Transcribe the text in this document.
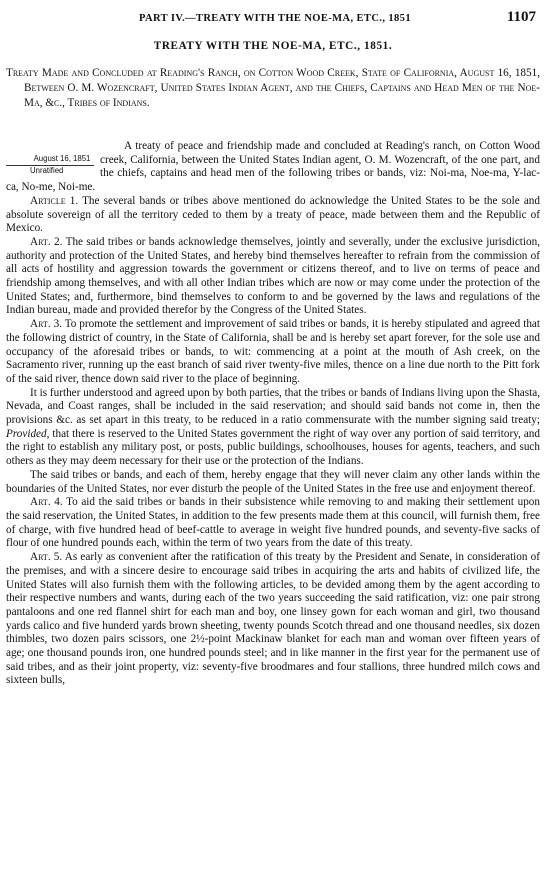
PART IV.—TREATY WITH THE NOE-MA, ETC., 1851	1107
TREATY WITH THE NOE-MA, ETC., 1851.
Treaty Made and Concluded at Reading's Ranch, on Cotton Wood Creek, State of California, August 16, 1851, Between O. M. Wozencraft, United States Indian Agent, and the Chiefs, Captains and Head Men of the Noe-Ma, &c., Tribes of Indians.

August 16, 1851
Unratified
A treaty of peace and friendship made and concluded at Reading's ranch, on Cotton Wood creek, California, between the United States Indian agent, O. M. Wozencraft, of the one part, and the chiefs, captains and head men of the following tribes or bands, viz: Noi-ma, Noe-ma, Y-lac-ca, No-me, Noi-me.

Article 1. The several bands or tribes above mentioned do acknowledge the United States to be the sole and absolute sovereign of all the territory ceded to them by a treaty of peace, made between them and the Republic of Mexico.

Art. 2. The said tribes or bands acknowledge themselves, jointly and severally, under the exclusive jurisdiction, authority and protection of the United States, and hereby bind themselves hereafter to refrain from the commission of all acts of hostility and aggression towards the government or citizens thereof, and to live on terms of peace and friendship among themselves, and with all other Indian tribes which are now or may come under the protection of the United States; and, furthermore, bind themselves to conform to and be governed by the laws and regulations of the Indian bureau, made and provided therefor by the Congress of the United States.

Art. 3. To promote the settlement and improvement of said tribes or bands, it is hereby stipulated and agreed that the following district of country, in the State of California, shall be and is hereby set apart forever, for the sole use and occupancy of the aforesaid tribes or bands, to wit: commencing at a point at the mouth of Ash creek, on the Sacramento river, running up the east branch of said river twenty-five miles, thence on a line due north to the Pitt fork of the said river, thence down said river to the place of beginning.

It is further understood and agreed upon by both parties, that the tribes or bands of Indians living upon the Shasta, Nevada, and Coast ranges, shall be included in the said reservation; and should said bands not come in, then the provisions &c. as set apart in this treaty, to be reduced in a ratio commensurate with the number signing said treaty; Provided, that there is reserved to the United States government the right of way over any portion of said territory, and the right to establish any military post, or posts, public buildings, schoolhouses, houses for agents, teachers, and such others as they may deem necessary for their use or the protection of the Indians.

The said tribes or bands, and each of them, hereby engage that they will never claim any other lands within the boundaries of the United States, nor ever disturb the people of the United States in the free use and enjoyment thereof.

Art. 4. To aid the said tribes or bands in their subsistence while removing to and making their settlement upon the said reservation, the United States, in addition to the few presents made them at this council, will furnish them, free of charge, with five hundred head of beef-cattle to average in weight five hundred pounds, and seventy-five sacks of flour of one hundred pounds each, within the term of two years from the date of this treaty.

Art. 5. As early as convenient after the ratification of this treaty by the President and Senate, in consideration of the premises, and with a sincere desire to encourage said tribes in acquiring the arts and habits of civilized life, the United States will also furnish them with the following articles, to be devided among them by the agent according to their respective numbers and wants, during each of the two years succeeding the said ratification, viz: one pair strong pantaloons and one red flannel shirt for each man and boy, one linsey gown for each woman and girl, two thousand yards calico and five hunderd yards brown sheeting, twenty pounds Scotch thread and one thousand needles, six dozen thimbles, two dozen pairs scissors, one 2½-point Mackinaw blanket for each man and woman over fifteen years of age; one thousand pounds iron, one hundred pounds steel; and in like manner in the first year for the permanent use of said tribes, and as their joint property, viz: seventy-five broodmares and four stallions, three hundred milch cows and sixteen bulls,
